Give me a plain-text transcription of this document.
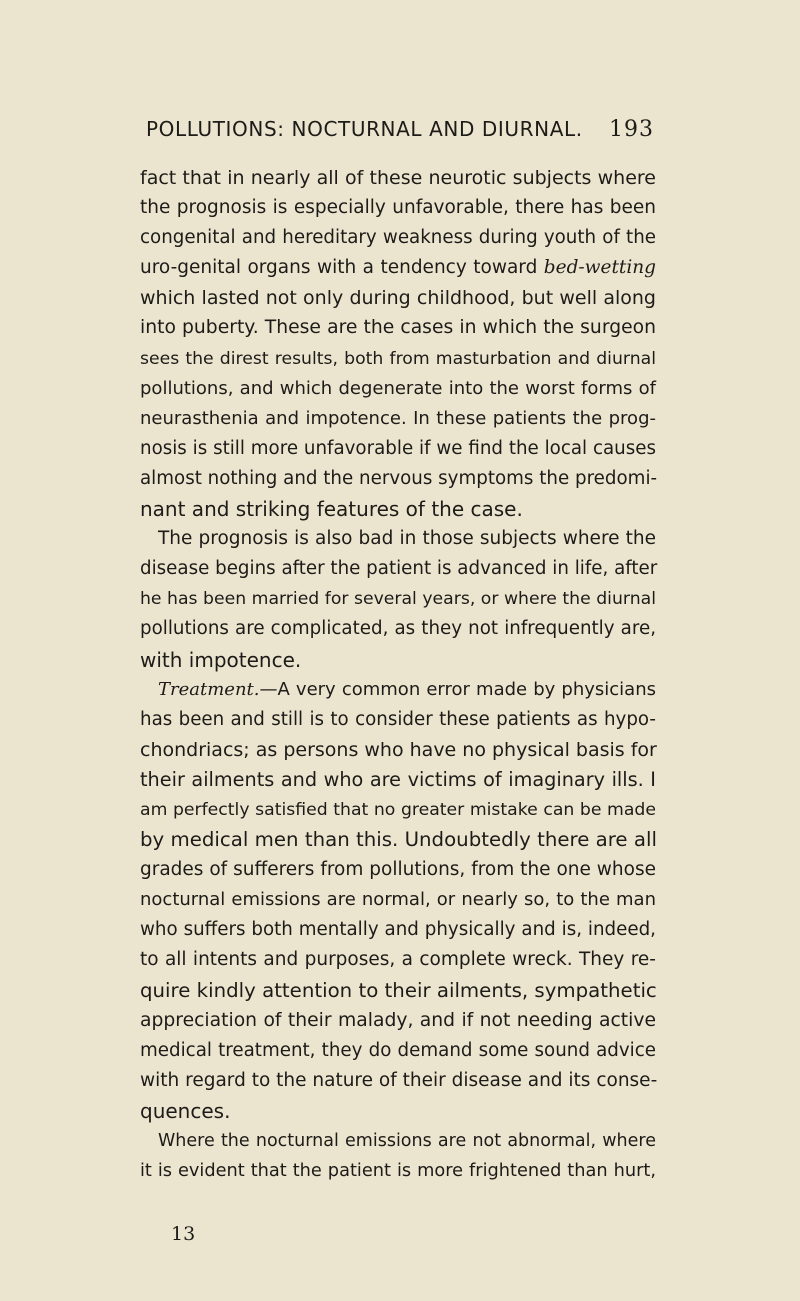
POLLUTIONS: NOCTURNAL AND DIURNAL. 193
fact that in nearly all of these neurotic subjects where
the prognosis is especially unfavorable, there has been
congenital and hereditary weakness during youth of the
uro-genital organs with a tendency toward bed-wetting
which lasted not only during childhood, but well along
into puberty. These are the cases in which the surgeon
sees the direst results, both from masturbation and diurnal
pollutions, and which degenerate into the worst forms of
neurasthenia and impotence. In these patients the prog-
nosis is still more unfavorable if we find the local causes
almost nothing and the nervous symptoms the predomi-
nant and striking features of the case.
The prognosis is also bad in those subjects where the
disease begins after the patient is advanced in life, after
he has been married for several years, or where the diurnal
pollutions are complicated, as they not infrequently are,
with impotence.
Treatment.—A very common error made by physicians
has been and still is to consider these patients as hypo-
chondriacs; as persons who have no physical basis for
their ailments and who are victims of imaginary ills. I
am perfectly satisfied that no greater mistake can be made
by medical men than this. Undoubtedly there are all
grades of sufferers from pollutions, from the one whose
nocturnal emissions are normal, or nearly so, to the man
who suffers both mentally and physically and is, indeed,
to all intents and purposes, a complete wreck. They re-
quire kindly attention to their ailments, sympathetic
appreciation of their malady, and if not needing active
medical treatment, they do demand some sound advice
with regard to the nature of their disease and its conse-
quences.
Where the nocturnal emissions are not abnormal, where
it is evident that the patient is more frightened than hurt,
13
